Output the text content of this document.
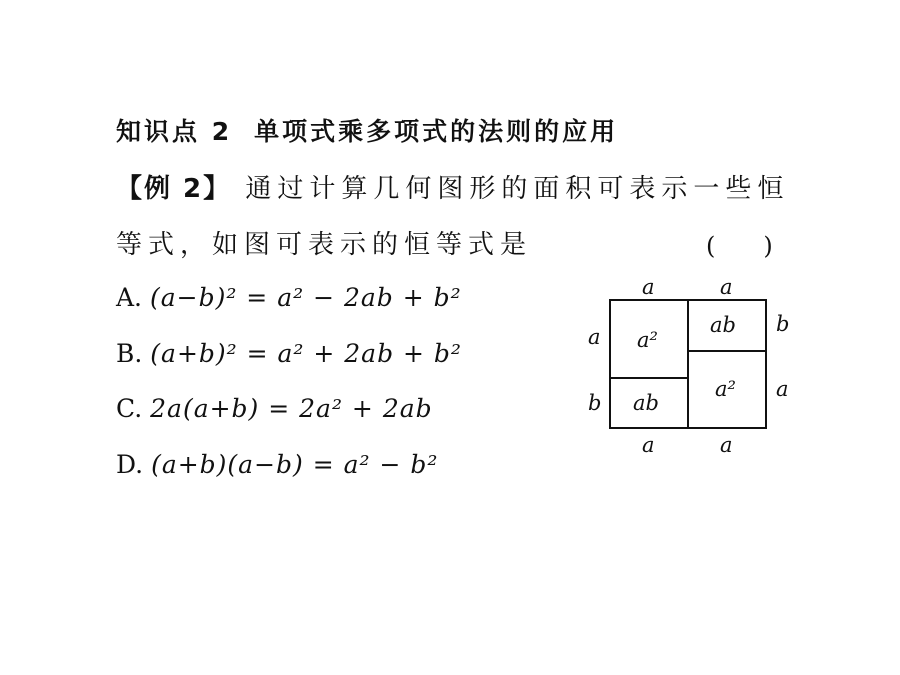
知识点 2 单项式乘多项式的法则的应用
【例 2】 通过计算几何图形的面积可表示一些恒
等式，如图可表示的恒等式是	(　　)
A. (a−b)² = a² − 2ab + b²
B. (a+b)² = a² + 2ab + b²
C. 2a(a+b) = 2a² + 2ab
D. (a+b)(a−b) = a² − b²
a	a
a	a
a
b
b
a
a²
ab
ab
a²
